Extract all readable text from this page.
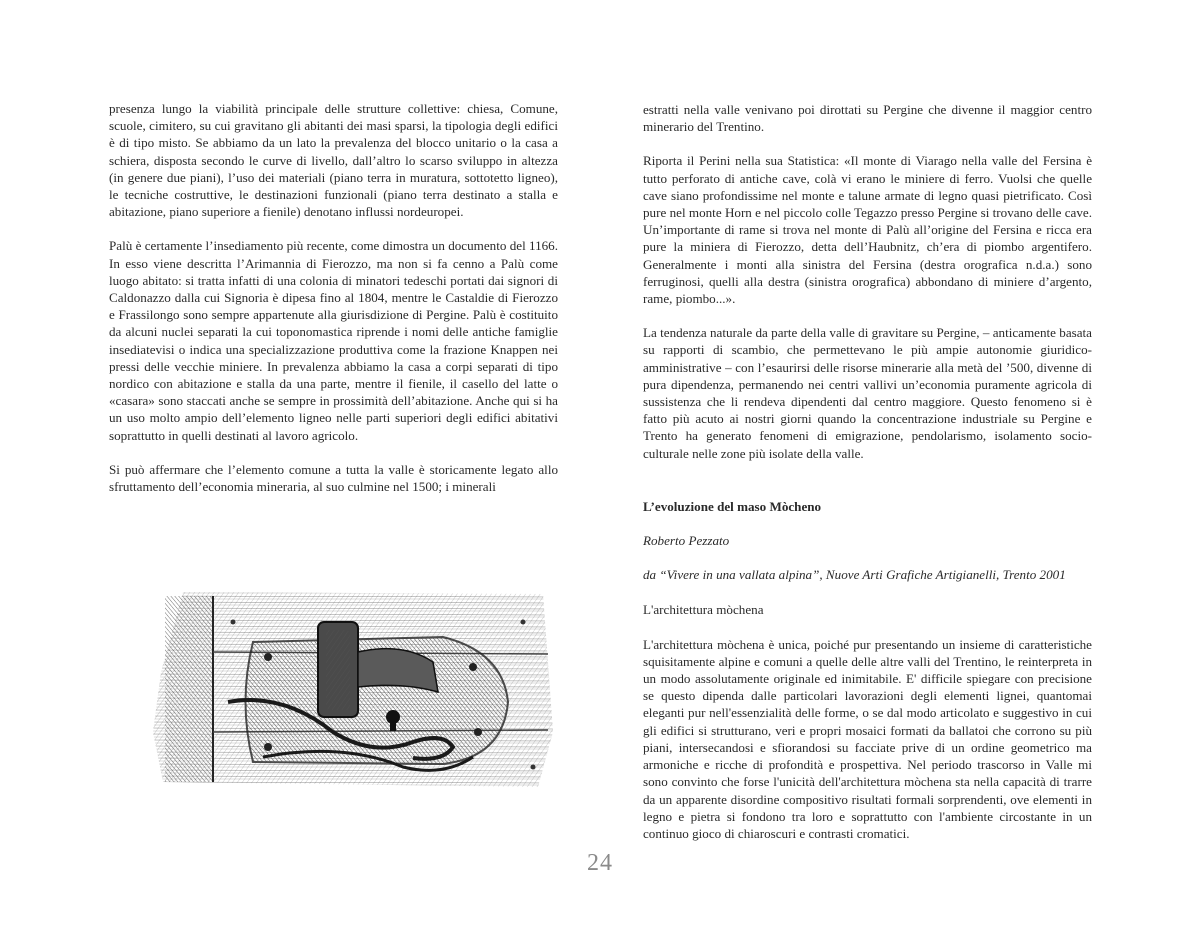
presenza lungo la viabilità principale delle strutture collettive: chiesa, Comune, scuole, cimitero, su cui gravitano gli abitanti dei masi sparsi, la tipologia degli edifici è di tipo misto. Se abbiamo da un lato la prevalenza del blocco unitario o la casa a schiera, disposta secondo le curve di livello, dall’altro lo scarso sviluppo in altezza (in genere due piani), l’uso dei materiali (piano terra in muratura, sottotetto ligneo), le tecniche costruttive, le destinazioni funzionali (piano terra destinato a stalla e abitazione, piano superiore a fienile) denotano influssi nordeuropei.

Palù è certamente l’insediamento più recente, come dimostra un documento del 1166. In esso viene descritta l’Arimannia di Fierozzo, ma non si fa cenno a Palù come luogo abitato: si tratta infatti di una colonia di minatori tedeschi portati dai signori di Caldonazzo dalla cui Signoria è dipesa fino al 1804, mentre le Castaldie di Fierozzo e Frassilongo sono sempre appartenute alla giurisdizione di Pergine. Palù è costituito da alcuni nuclei separati la cui toponomastica riprende i nomi delle antiche famiglie insediatevisi o indica una specializzazione produttiva come la frazione Knappen nei pressi delle vecchie miniere. In prevalenza abbiamo la casa a corpi separati di tipo nordico con abitazione e stalla da una parte, mentre il fienile, il casello del latte o «casara» sono staccati anche se sempre in prossimità dell’abitazione. Anche qui si ha un uso molto ampio dell’elemento ligneo nelle parti superiori degli edifici abitativi soprattutto in quelli destinati al lavoro agricolo.

Si può affermare che l’elemento comune a tutta la valle è storicamente legato allo sfruttamento dell’economia mineraria, al suo culmine nel 1500; i minerali

estratti nella valle venivano poi dirottati su Pergine che divenne il maggior centro minerario del Trentino.

Riporta il Perini nella sua Statistica: «Il monte di Viarago nella valle del Fersina è tutto perforato di antiche cave, colà vi erano le miniere di ferro. Vuolsi che quelle cave siano profondissime nel monte e talune armate di legno quasi pietrificato. Così pure nel monte Horn e nel piccolo colle Tegazzo presso Pergine si trovano delle cave. Un’importante di rame si trova nel monte di Palù all’origine del Fersina e ricca era pure la miniera di Fierozzo, detta dell’Haubnitz, ch’era di piombo argentifero. Generalmente i monti alla sinistra del Fersina (destra orografica n.d.a.) sono ferruginosi, quelli alla destra (sinistra orografica) abbondano di miniere d’argento, rame, piombo...».

La tendenza naturale da parte della valle di gravitare su Pergine, – anticamente basata su rapporti di scambio, che permettevano le più ampie autonomie giuridico-amministrative – con l’esaurirsi delle risorse minerarie alla metà del ’500, divenne di pura dipendenza, permanendo nei centri vallivi un’economia puramente agricola di sussistenza che li rendeva dipendenti dal centro maggiore. Questo fenomeno si è fatto più acuto ai nostri giorni quando la concentrazione industriale su Pergine e Trento ha generato fenomeni di emigrazione, pendolarismo, isolamento socio-culturale nelle zone più isolate della valle.

L’evoluzione del maso Mòcheno

Roberto Pezzato

da “Vivere in una vallata alpina”, Nuove Arti Grafiche Artigianelli, Trento 2001

L'architettura mòchena

L'architettura mòchena è unica, poiché pur presentando un insieme di caratteristiche squisitamente alpine e comuni a quelle delle altre valli del Trentino, le reinterpreta in un modo assolutamente originale ed inimitabile. E' difficile spiegare con precisione se questo dipenda dalle particolari lavorazioni degli elementi lignei, quantomai eleganti pur nell'essenzialità delle forme, o se dal modo articolato e suggestivo in cui gli edifici si strutturano, veri e propri mosaici formati da ballatoi che corrono su più piani, intersecandosi e sfiorandosi su facciate prive di un ordine geometrico ma armoniche e ricche di profondità e prospettiva. Nel periodo trascorso in Valle mi sono convinto che forse l'unicità dell'architettura mòchena sta nella capacità di trarre da un apparente disordine compositivo risultati formali sorprendenti, ove elementi in legno e pietra si fondono tra loro e soprattutto con l'ambiente circostante in un continuo gioco di chiaroscuri e contrasti cromatici.

24
